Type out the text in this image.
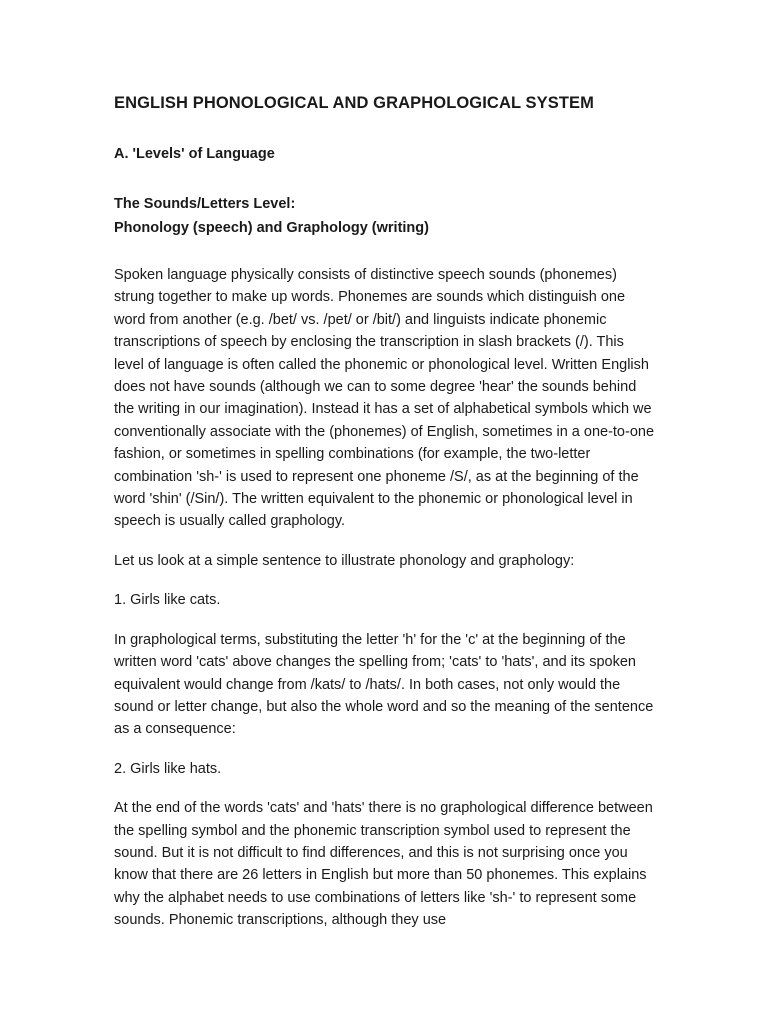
ENGLISH PHONOLOGICAL AND GRAPHOLOGICAL SYSTEM
A. 'Levels' of Language
The Sounds/Letters Level:
Phonology (speech) and Graphology (writing)

Spoken language physically consists of distinctive speech sounds (phonemes) strung together to make up words. Phonemes are sounds which distinguish one word from another (e.g. /bet/ vs. /pet/ or /bit/) and linguists indicate phonemic transcriptions of speech by enclosing the transcription in slash brackets (/). This level of language is often called the phonemic or phonological level. Written English does not have sounds (although we can to some degree 'hear' the sounds behind the writing in our imagination). Instead it has a set of alphabetical symbols which we conventionally associate with the (phonemes) of English, sometimes in a one-to-one fashion, or sometimes in spelling combinations (for example, the two-letter combination 'sh-' is used to represent one phoneme /S/, as at the beginning of the word 'shin' (/Sin/). The written equivalent to the phonemic or phonological level in speech is usually called graphology.

Let us look at a simple sentence to illustrate phonology and graphology:

1. Girls like cats.

In graphological terms, substituting the letter 'h' for the 'c' at the beginning of the written word 'cats' above changes the spelling from; 'cats' to 'hats', and its spoken equivalent would change from /kats/ to /hats/. In both cases, not only would the sound or letter change, but also the whole word and so the meaning of the sentence as a consequence:

2. Girls like hats.

At the end of the words 'cats' and 'hats' there is no graphological difference between the spelling symbol and the phonemic transcription symbol used to represent the sound. But it is not difficult to find differences, and this is not surprising once you know that there are 26 letters in English but more than 50 phonemes. This explains why the alphabet needs to use combinations of letters like 'sh-' to represent some sounds. Phonemic transcriptions, although they use
